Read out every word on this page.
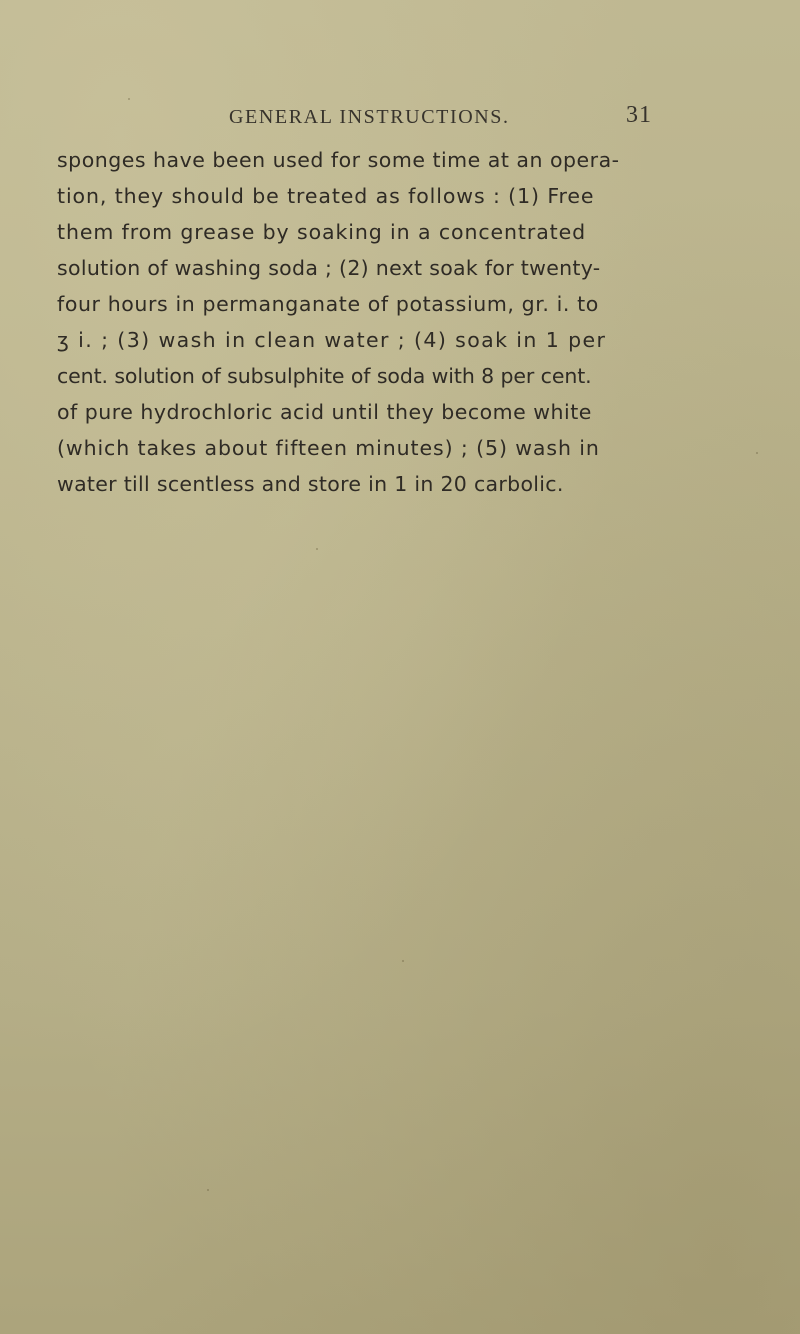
GENERAL INSTRUCTIONS.	31
sponges have been used for some time at an opera-
tion, they should be treated as follows : (1) Free
them from grease by soaking in a concentrated
solution of washing soda ; (2) next soak for twenty-
four hours in permanganate of potassium, gr. i. to
ʒ i. ; (3) wash in clean water ; (4) soak in 1 per
cent. solution of subsulphite of soda with 8 per cent.
of pure hydrochloric acid until they become white
(which takes about fifteen minutes) ; (5) wash in
water till scentless and store in 1 in 20 carbolic.
